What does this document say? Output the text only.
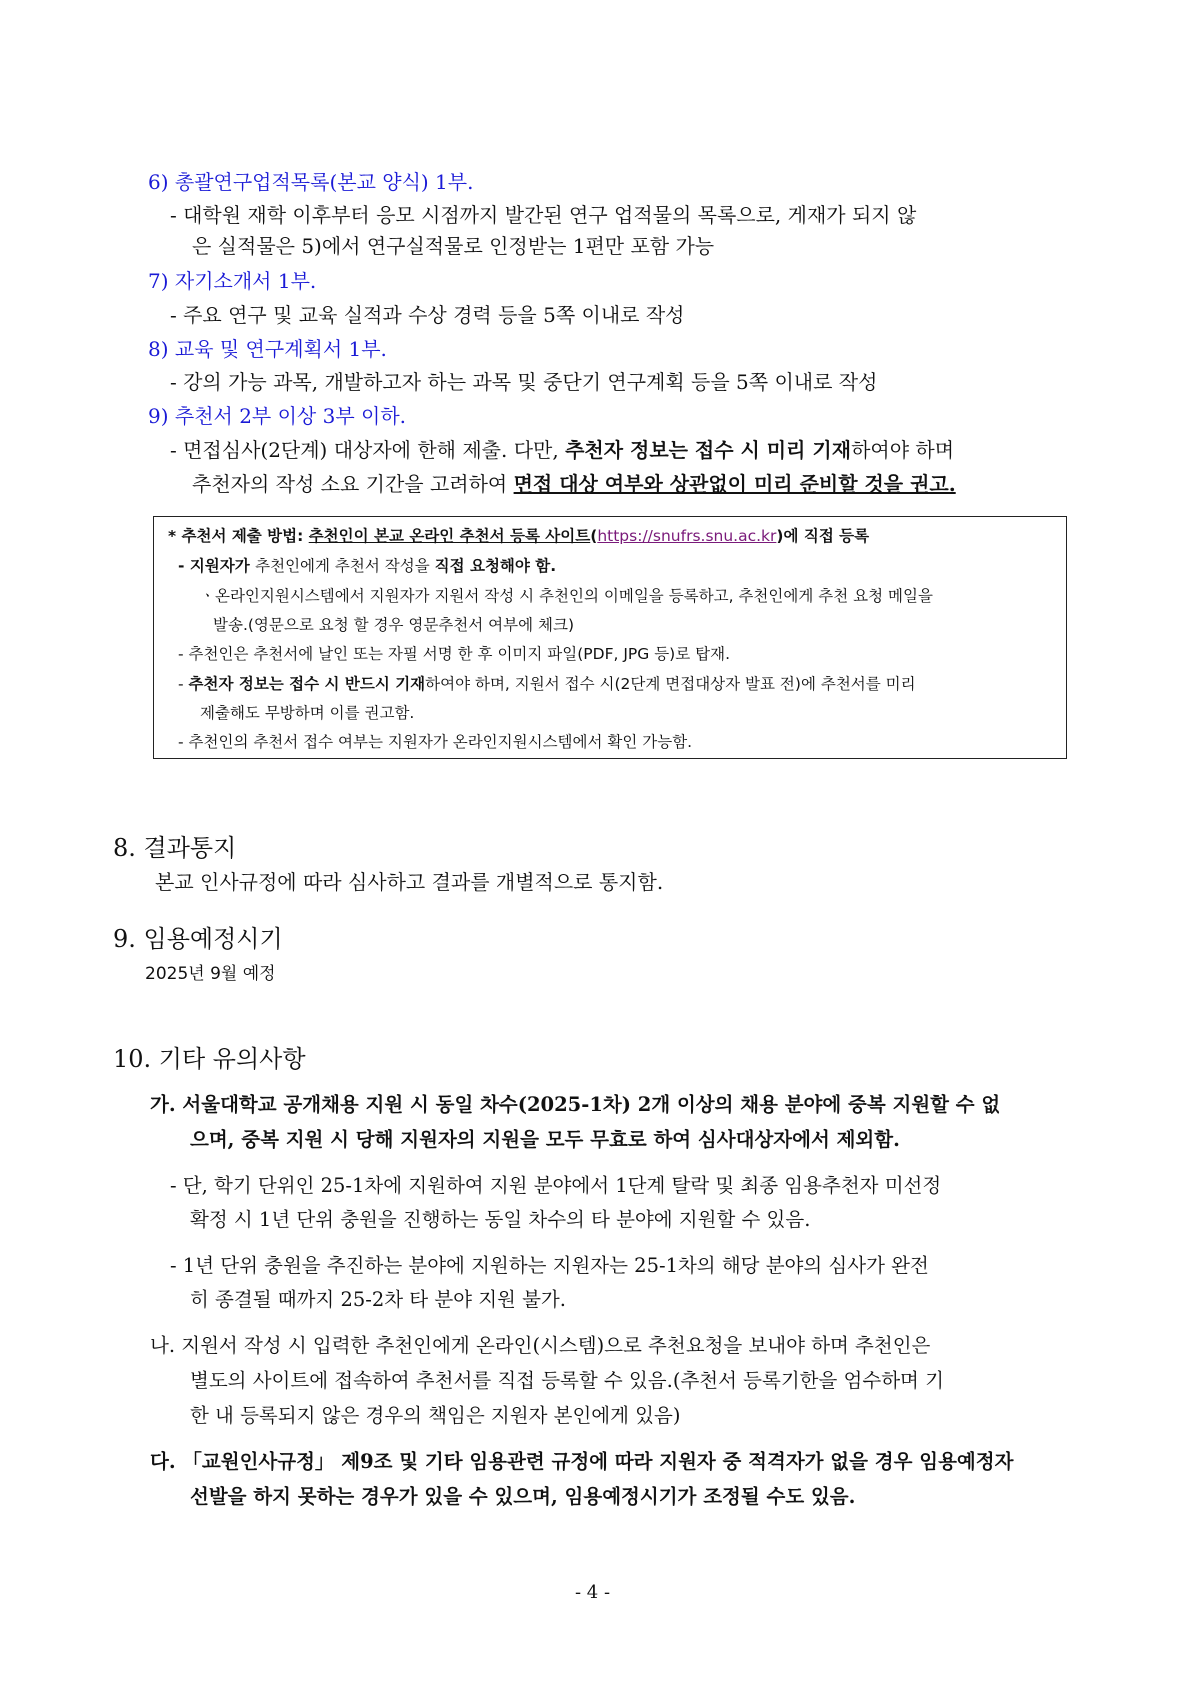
6) 총괄연구업적목록(본교 양식) 1부.
- 대학원 재학 이후부터 응모 시점까지 발간된 연구 업적물의 목록으로, 게재가 되지 않
은 실적물은 5)에서 연구실적물로 인정받는 1편만 포함 가능
7) 자기소개서 1부.
- 주요 연구 및 교육 실적과 수상 경력 등을 5쪽 이내로 작성
8) 교육 및 연구계획서 1부.
- 강의 가능 과목, 개발하고자 하는 과목 및 중단기 연구계획 등을 5쪽 이내로 작성
9) 추천서 2부 이상 3부 이하.
- 면접심사(2단계) 대상자에 한해 제출. 다만, 추천자 정보는 접수 시 미리 기재하여야 하며
추천자의 작성 소요 기간을 고려하여 면접 대상 여부와 상관없이 미리 준비할 것을 권고.
* 추천서 제출 방법: 추천인이 본교 온라인 추천서 등록 사이트(https://snufrs.snu.ac.kr)에 직접 등록
- 지원자가 추천인에게 추천서 작성을 직접 요청해야 함.
ㆍ온라인지원시스템에서 지원자가 지원서 작성 시 추천인의 이메일을 등록하고, 추천인에게 추천 요청 메일을
발송.(영문으로 요청 할 경우 영문추천서 여부에 체크)
- 추천인은 추천서에 날인 또는 자필 서명 한 후 이미지 파일(PDF, JPG 등)로 탑재.
- 추천자 정보는 접수 시 반드시 기재하여야 하며, 지원서 접수 시(2단계 면접대상자 발표 전)에 추천서를 미리
제출해도 무방하며 이를 권고함.
- 추천인의 추천서 접수 여부는 지원자가 온라인지원시스템에서 확인 가능함.
8. 결과통지
본교 인사규정에 따라 심사하고 결과를 개별적으로 통지함.
9. 임용예정시기
2025년 9월 예정
10. 기타 유의사항
가. 서울대학교 공개채용 지원 시 동일 차수(2025-1차) 2개 이상의 채용 분야에 중복 지원할 수 없
으며, 중복 지원 시 당해 지원자의 지원을 모두 무효로 하여 심사대상자에서 제외함.
- 단, 학기 단위인 25-1차에 지원하여 지원 분야에서 1단계 탈락 및 최종 임용추천자 미선정
확정 시 1년 단위 충원을 진행하는 동일 차수의 타 분야에 지원할 수 있음.
- 1년 단위 충원을 추진하는 분야에 지원하는 지원자는 25-1차의 해당 분야의 심사가 완전
히 종결될 때까지 25-2차 타 분야 지원 불가.
나. 지원서 작성 시 입력한 추천인에게 온라인(시스템)으로 추천요청을 보내야 하며 추천인은
별도의 사이트에 접속하여 추천서를 직접 등록할 수 있음.(추천서 등록기한을 엄수하며 기
한 내 등록되지 않은 경우의 책임은 지원자 본인에게 있음)
다. 「교원인사규정」 제9조 및 기타 임용관련 규정에 따라 지원자 중 적격자가 없을 경우 임용예정자
선발을 하지 못하는 경우가 있을 수 있으며, 임용예정시기가 조정될 수도 있음.
- 4 -
